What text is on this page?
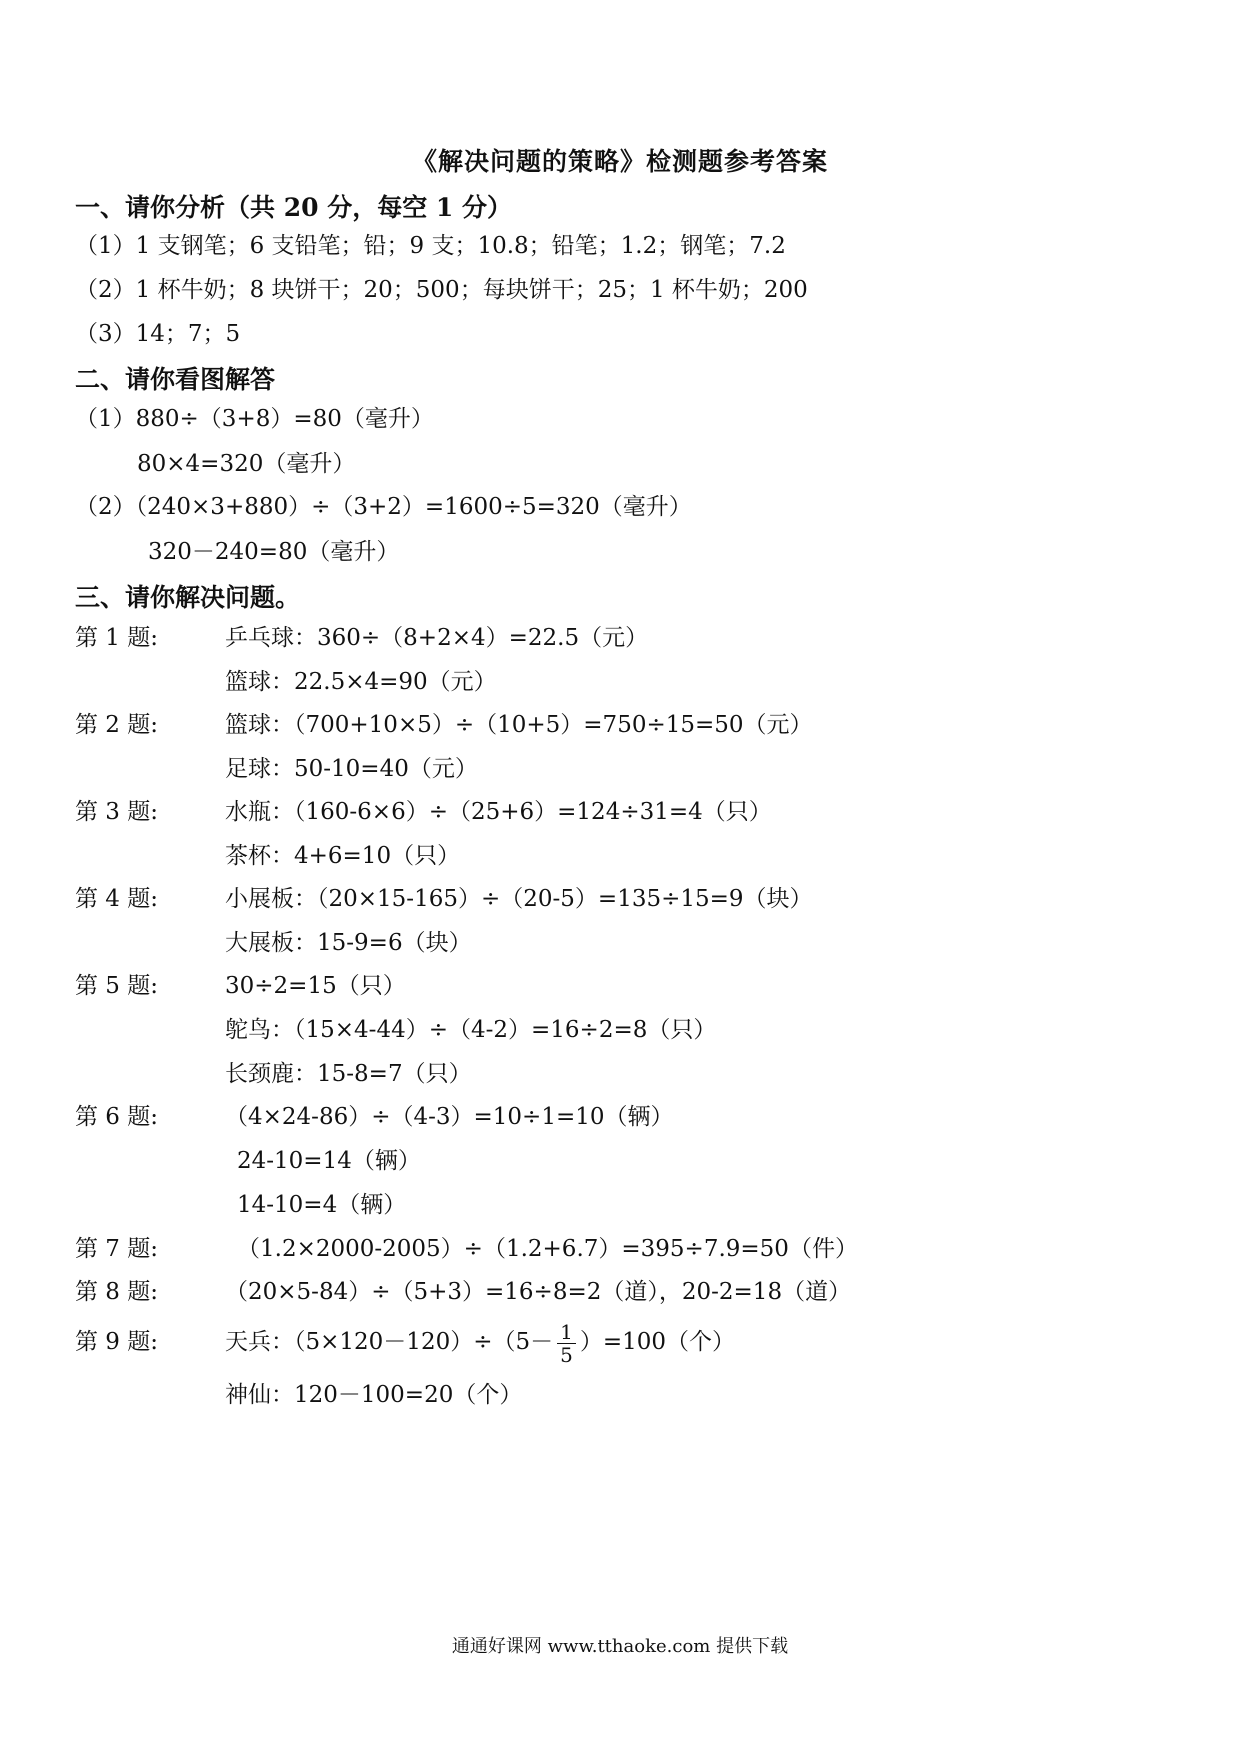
《解决问题的策略》检测题参考答案
一、请你分析（共 20 分，每空 1 分）
（1）1 支钢笔；6 支铅笔；铅；9 支；10.8；铅笔；1.2；钢笔；7.2
（2）1 杯牛奶；8 块饼干；20；500；每块饼干；25；1 杯牛奶；200
（3）14；7；5
二、请你看图解答
（1）880÷（3+8）=80（毫升）
80×4=320（毫升）
（2）（240×3+880）÷（3+2）=1600÷5=320（毫升）
320－240=80（毫升）
三、请你解决问题。
第 1 题:	乒乓球：360÷（8+2×4）=22.5（元）
篮球：22.5×4=90（元）
第 2 题:	篮球：（700+10×5）÷（10+5）=750÷15=50（元）
足球：50-10=40（元）
第 3 题:	水瓶：（160-6×6）÷（25+6）=124÷31=4（只）
茶杯：4+6=10（只）
第 4 题:	小展板：（20×15-165）÷（20-5）=135÷15=9（块）
大展板：15-9=6（块）
第 5 题:	30÷2=15（只）
鸵鸟：（15×4-44）÷（4-2）=16÷2=8（只）
长颈鹿：15-8=7（只）
第 6 题:	（4×24-86）÷（4-3）=10÷1=10（辆）
24-10=14（辆）
14-10=4（辆）
第 7 题:	（1.2×2000-2005）÷（1.2+6.7）=395÷7.9=50（件）
第 8 题:	（20×5-84）÷（5+3）=16÷8=2（道），20-2=18（道）
第 9 题:	天兵：$(5\times 120-120)\div(5- \frac{1}{5} )=100$（个）
神仙：120－100=20（个）
通通好课网 www.tthaoke.com 提供下载
